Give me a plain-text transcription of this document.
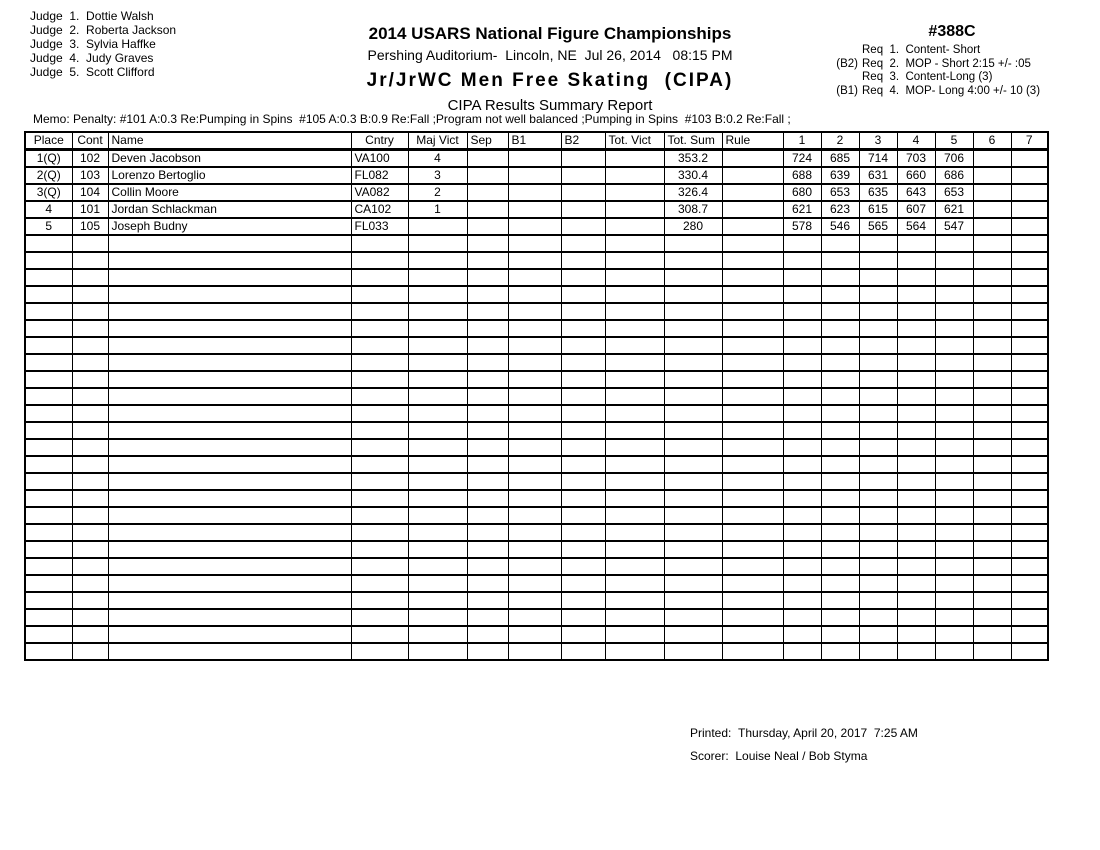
Judge  1.  Dottie Walsh
Judge  2.  Roberta Jackson
Judge  3.  Sylvia Haffke
Judge  4.  Judy Graves
Judge  5.  Scott Clifford
2014 USARS National Figure Championships
Pershing Auditorium-  Lincoln, NE  Jul 26, 2014   08:15 PM
Jr/JrWC Men Free Skating  (CIPA)
CIPA Results Summary Report
#388C
Req  1.  Content- Short
(B2) Req  2.  MOP - Short 2:15 +/- :05
Req  3.  Content-Long (3)
(B1) Req  4.  MOP- Long 4:00 +/- 10 (3)
Memo: Penalty: #101 A:0.3 Re:Pumping in Spins  #105 A:0.3 B:0.9 Re:Fall ;Program not well balanced ;Pumping in Spins  #103 B:0.2 Re:Fall ;
Place	Cont	Name	Cntry	Maj Vict	Sep	B1	B2	Tot. Vict	Tot. Sum	Rule	1	2	3	4	5	6	7
1(Q)	102	Deven Jacobson	VA100	4					353.2		724	685	714	703	706		
2(Q)	103	Lorenzo Bertoglio	FL082	3					330.4		688	639	631	660	686		
3(Q)	104	Collin Moore	VA082	2					326.4		680	653	635	643	653		
4	101	Jordan Schlackman	CA102	1					308.7		621	623	615	607	621		
5	105	Joseph Budny	FL033						280		578	546	565	564	547		

Printed: Thursday, April 20, 2017  7:25 AM
Scorer: Louise Neal / Bob Styma
